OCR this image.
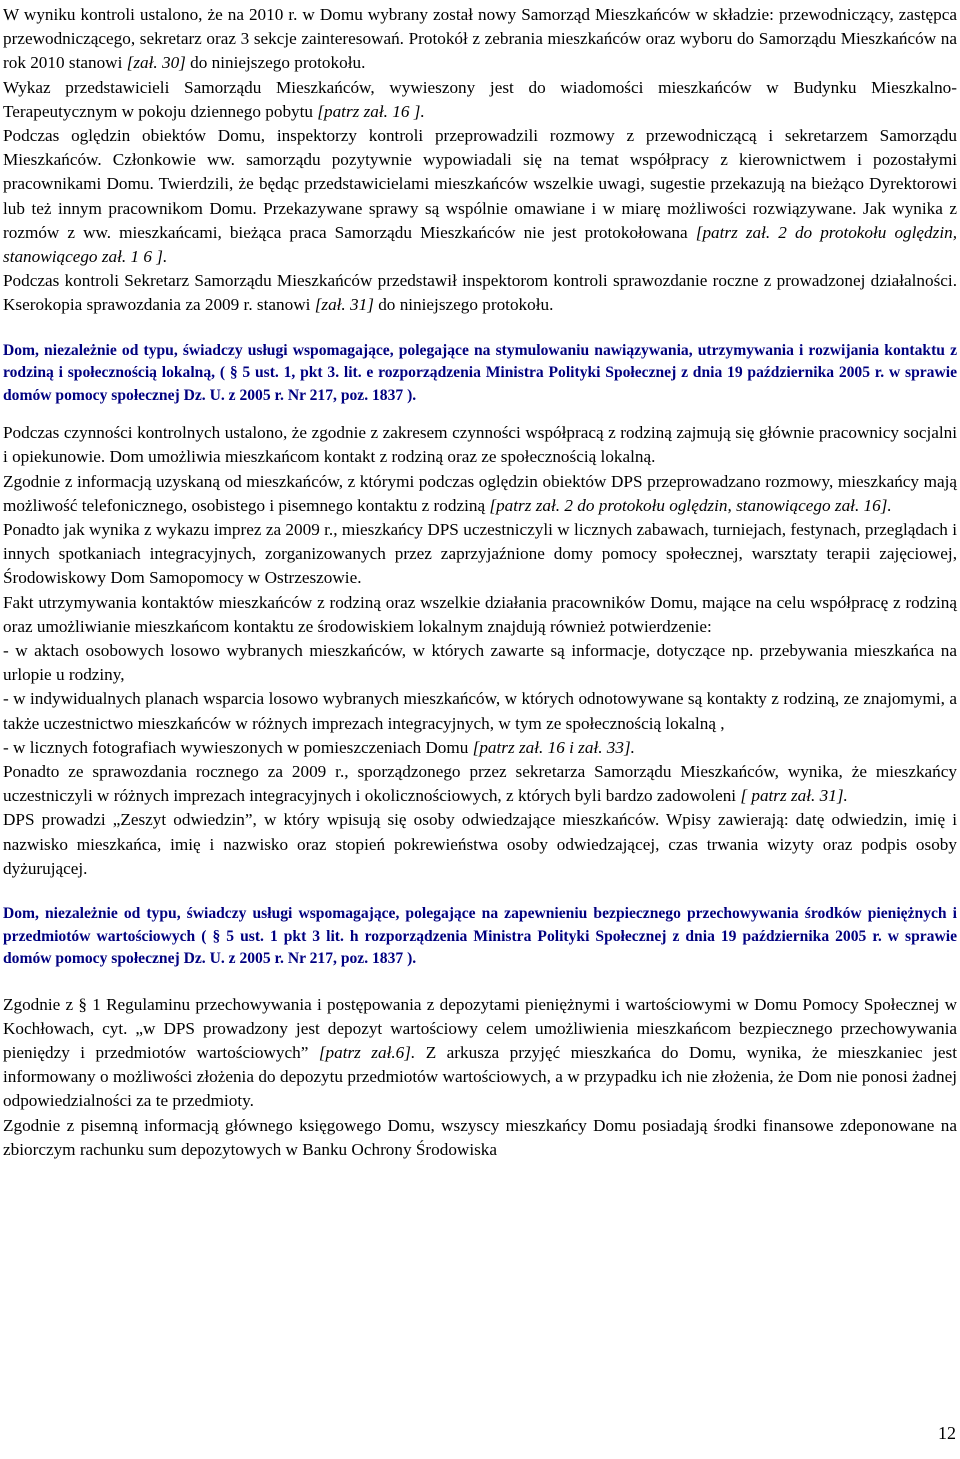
W wyniku kontroli ustalono, że na 2010 r. w Domu wybrany został nowy Samorząd Mieszkańców w składzie: przewodniczący, zastępca przewodniczącego, sekretarz oraz 3 sekcje zainteresowań. Protokół z zebrania mieszkańców oraz wyboru do Samorządu Mieszkańców na rok 2010 stanowi [zał. 30] do niniejszego protokołu.

Wykaz przedstawicieli Samorządu Mieszkańców, wywieszony jest do wiadomości mieszkańców w Budynku Mieszkalno-Terapeutycznym w pokoju dziennego pobytu [patrz zał. 16 ].

Podczas oględzin obiektów Domu, inspektorzy kontroli przeprowadzili rozmowy z przewodniczącą i sekretarzem Samorządu Mieszkańców. Członkowie ww. samorządu pozytywnie wypowiadali się na temat współpracy z kierownictwem i pozostałymi pracownikami Domu. Twierdzili, że będąc przedstawicielami mieszkańców wszelkie uwagi, sugestie przekazują na bieżąco Dyrektorowi lub też innym pracownikom Domu. Przekazywane sprawy są wspólnie omawiane i w miarę możliwości rozwiązywane. Jak wynika z rozmów z ww. mieszkańcami, bieżąca praca Samorządu Mieszkańców nie jest protokołowana [patrz zał. 2 do protokołu oględzin, stanowiącego zał. 1 6 ].

Podczas kontroli Sekretarz Samorządu Mieszkańców przedstawił inspektorom kontroli sprawozdanie roczne z prowadzonej działalności. Kserokopia sprawozdania za 2009 r. stanowi [zał. 31] do niniejszego protokołu.

Dom, niezależnie od typu, świadczy usługi wspomagające, polegające na stymulowaniu nawiązywania, utrzymywania i rozwijania kontaktu z rodziną i społecznością lokalną, ( § 5 ust. 1, pkt 3. lit. e rozporządzenia Ministra Polityki Społecznej z dnia 19 października 2005 r. w sprawie domów pomocy społecznej Dz. U. z 2005 r. Nr 217, poz. 1837 ).

Podczas czynności kontrolnych ustalono, że zgodnie z zakresem czynności współpracą z rodziną zajmują się głównie pracownicy socjalni i opiekunowie. Dom umożliwia mieszkańcom kontakt z rodziną oraz ze społecznością lokalną.

Zgodnie z informacją uzyskaną od mieszkańców, z którymi podczas oględzin obiektów DPS przeprowadzano rozmowy, mieszkańcy mają możliwość telefonicznego, osobistego i pisemnego kontaktu z rodziną [patrz zał. 2 do protokołu oględzin, stanowiącego zał. 16].

Ponadto jak wynika z wykazu imprez za 2009 r., mieszkańcy DPS uczestniczyli w licznych zabawach, turniejach, festynach, przeglądach i innych spotkaniach integracyjnych, zorganizowanych przez zaprzyjaźnione domy pomocy społecznej, warsztaty terapii zajęciowej, Środowiskowy Dom Samopomocy w Ostrzeszowie.

Fakt utrzymywania kontaktów mieszkańców z rodziną oraz wszelkie działania pracowników Domu, mające na celu współpracę z rodziną oraz umożliwianie mieszkańcom kontaktu ze środowiskiem lokalnym znajdują również potwierdzenie:

- w aktach osobowych losowo wybranych mieszkańców, w których zawarte są informacje, dotyczące np. przebywania mieszkańca na urlopie u rodziny,

- w indywidualnych planach wsparcia losowo wybranych mieszkańców, w których odnotowywane są kontakty z rodziną, ze znajomymi, a także uczestnictwo mieszkańców w różnych imprezach integracyjnych, w tym ze społecznością lokalną ,

- w licznych fotografiach wywieszonych w pomieszczeniach Domu [patrz zał. 16 i zał. 33].

Ponadto ze sprawozdania rocznego za 2009 r., sporządzonego przez sekretarza Samorządu Mieszkańców, wynika, że mieszkańcy uczestniczyli w różnych imprezach integracyjnych i okolicznościowych, z których byli bardzo zadowoleni [ patrz zał. 31].

DPS prowadzi „Zeszyt odwiedzin”, w który wpisują się osoby odwiedzające mieszkańców. Wpisy zawierają: datę odwiedzin, imię i nazwisko mieszkańca, imię i nazwisko oraz stopień pokrewieństwa osoby odwiedzającej, czas trwania wizyty oraz podpis osoby dyżurującej.

Dom, niezależnie od typu, świadczy usługi wspomagające, polegające na zapewnieniu bezpiecznego przechowywania środków pieniężnych i przedmiotów wartościowych ( § 5 ust. 1 pkt 3 lit. h rozporządzenia Ministra Polityki Społecznej z dnia 19 października 2005 r. w sprawie domów pomocy społecznej Dz. U. z 2005 r. Nr 217, poz. 1837 ).

Zgodnie z § 1 Regulaminu przechowywania i postępowania z depozytami pieniężnymi i wartościowymi w Domu Pomocy Społecznej w Kochłowach, cyt. „w DPS prowadzony jest depozyt wartościowy celem umożliwienia mieszkańcom bezpiecznego przechowywania pieniędzy i przedmiotów wartościowych” [patrz zał.6]. Z arkusza przyjęć mieszkańca do Domu, wynika, że mieszkaniec jest informowany o możliwości złożenia do depozytu przedmiotów wartościowych, a w przypadku ich nie złożenia, że Dom nie ponosi żadnej odpowiedzialności za te przedmioty.

Zgodnie z pisemną informacją głównego księgowego Domu, wszyscy mieszkańcy Domu posiadają środki finansowe zdeponowane na zbiorczym rachunku sum depozytowych w Banku Ochrony Środowiska

12
